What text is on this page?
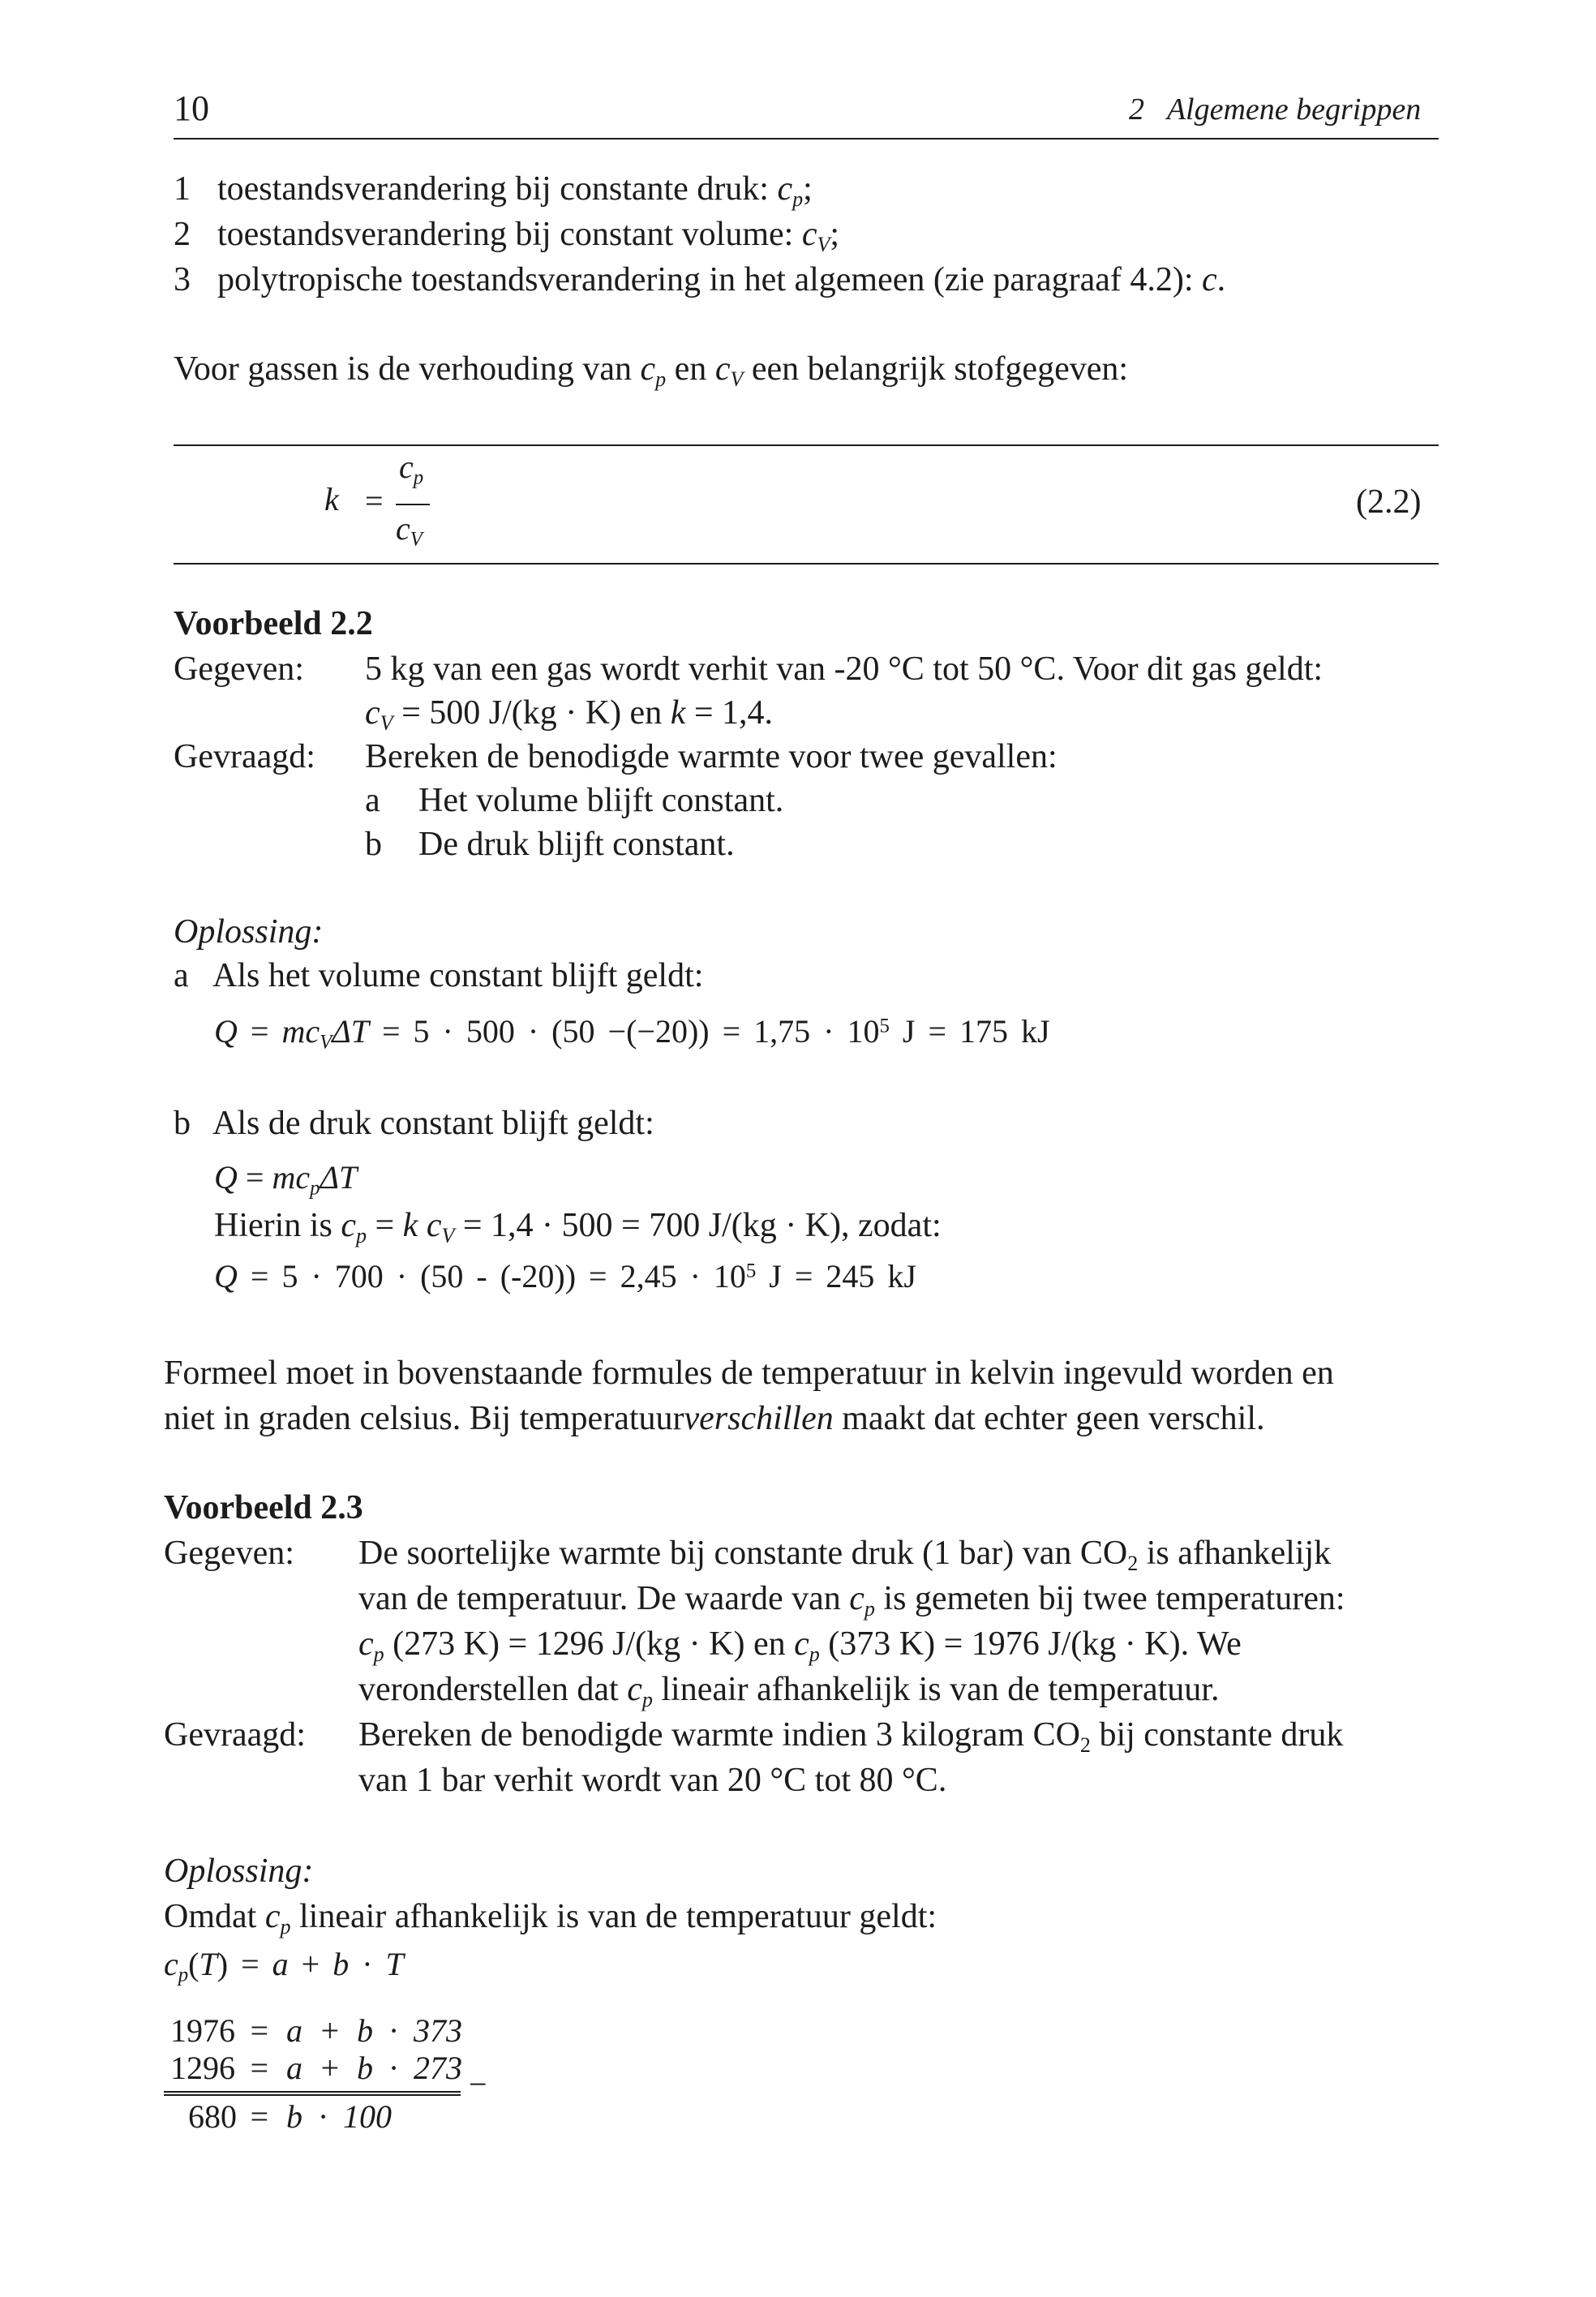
10	2   Algemene begrippen
1 toestandsverandering bij constante druk: $c_p$;
2 toestandsverandering bij constant volume: $c_V$;
3 polytropische toestandsverandering in het algemeen (zie paragraaf 4.2): c.
Voor gassen is de verhouding van $c_p$ en $c_V$ een belangrijk stofgegeven:
k =
$c_p$
$c_V$
(2.2)
Voorbeeld 2.2
Gegeven: 5 kg van een gas wordt verhit van -20 °C tot 50 °C. Voor dit gas geldt:
$c_V = 500$ J/(kg · K) en k = 1,4.
Gevraagd: Bereken de benodigde warmte voor twee gevallen:
a Het volume blijft constant.
b De druk blijft constant.
Oplossing:
a Als het volume constant blijft geldt:
$Q = mc_V\Delta T = 5 \cdot 500 \cdot (50 -(-20)) = 1,75 \cdot 10^5$ J = 175 kJ
b Als de druk constant blijft geldt:
$Q = mc_p\Delta T$
Hierin is $c_p = k$ $c_V = 1,4 \cdot 500 = 700$ J/(kg · K), zodat:
$Q = 5 \cdot 700 \cdot (50 - (-20)) = 2,45 \cdot 10^5$ J = 245 kJ
Formeel moet in bovenstaande formules de temperatuur in kelvin ingevuld worden en
niet in graden celsius. Bij temperatuurverschillen maakt dat echter geen verschil.
Voorbeeld 2.3
Gegeven: De soortelijke warmte bij constante druk (1 bar) van $CO_2$ is afhankelijk
van de temperatuur. De waarde van $c_p$ is gemeten bij twee temperaturen:
$c_p$ (273 K) = 1296 J/(kg · K) en $c_p$ (373 K) = 1976 J/(kg · K). We
veronderstellen dat $c_p$ lineair afhankelijk is van de temperatuur.
Gevraagd: Bereken de benodigde warmte indien 3 kilogram $CO_2$ bij constante druk
van 1 bar verhit wordt van 20 °C tot 80 °C.
Oplossing:
Omdat $c_p$ lineair afhankelijk is van de temperatuur geldt:
$c_p(T) = a + b \cdot T$
1976 = a + b · 373
1296 = a + b · 273
680 = b · 100
−
